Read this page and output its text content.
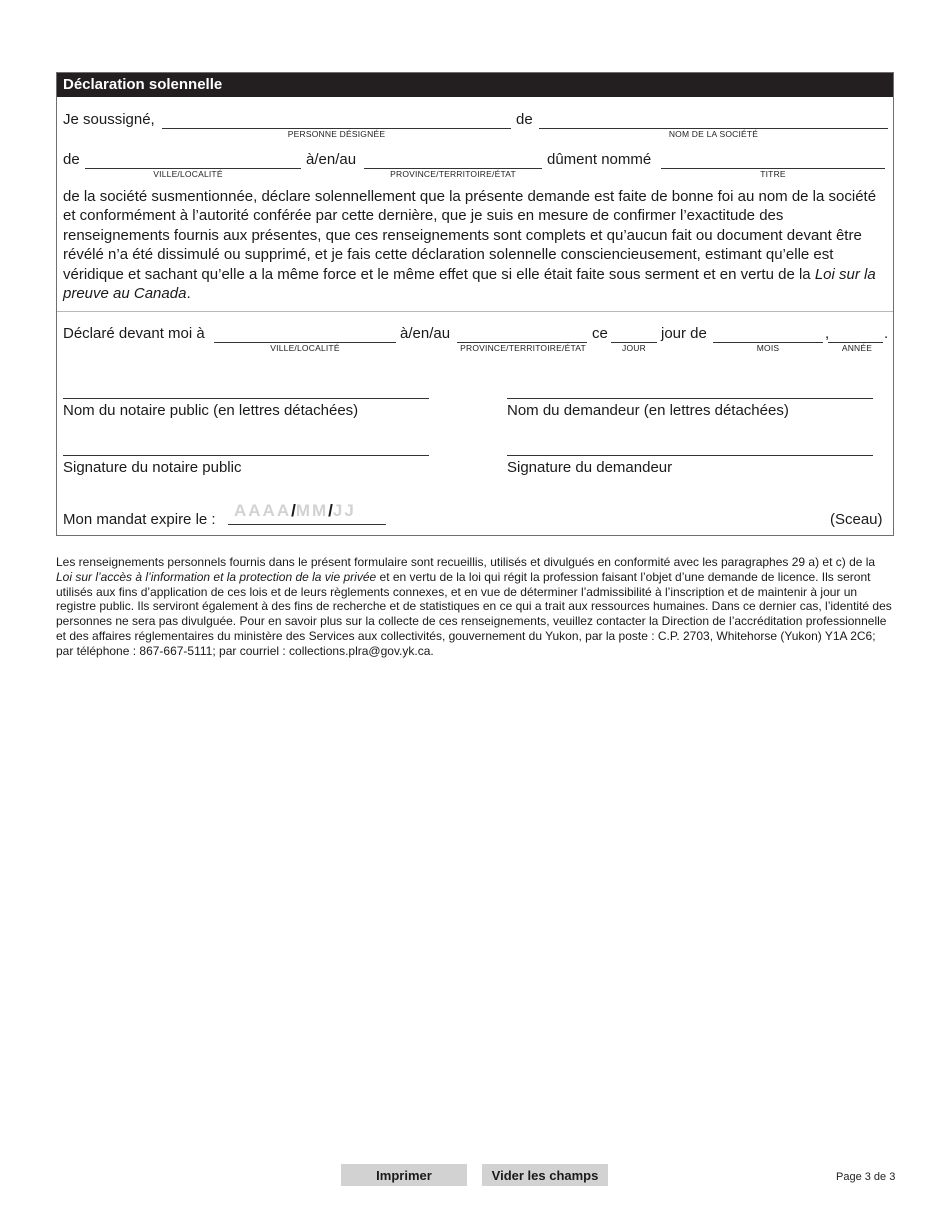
Déclaration solennelle
Je soussigné,
PERSONNE DÉSIGNÉE
de
NOM DE LA SOCIÉTÉ
de
VILLE/LOCALITÉ
à/en/au
PROVINCE/TERRITOIRE/ÉTAT
dûment nommé
TITRE
de la société susmentionnée, déclare solennellement que la présente demande est faite de bonne foi au nom de la société et conformément à l’autorité conférée par cette dernière, que je suis en mesure de confirmer l’exactitude des renseignements fournis aux présentes, que ces renseignements sont complets et qu’aucun fait ou document devant être révélé n’a été dissimulé ou supprimé, et je fais cette déclaration solennelle consciencieusement, estimant qu’elle est véridique et sachant qu’elle a la même force et le même effet que si elle était faite sous serment et en vertu de la Loi sur la preuve au Canada.
Déclaré devant moi à
VILLE/LOCALITÉ
à/en/au
PROVINCE/TERRITOIRE/ÉTAT
ce
JOUR
jour de
MOIS
,
ANNÉE
.
Nom du notaire public (en lettres détachées)	Nom du demandeur (en lettres détachées)
Signature du notaire public	Signature du demandeur
Mon mandat expire le : AAAA/MM/JJ	(Sceau)
Les renseignements personnels fournis dans le présent formulaire sont recueillis, utilisés et divulgués en conformité avec les paragraphes 29 a) et c) de la Loi sur l’accès à l’information et la protection de la vie privée et en vertu de la loi qui régit la profession faisant l’objet d’une demande de licence. Ils seront utilisés aux fins d’application de ces lois et de leurs règlements connexes, et en vue de déterminer l’admissibilité à l’inscription et de maintenir à jour un registre public. Ils serviront également à des fins de recherche et de statistiques en ce qui a trait aux ressources humaines. Dans ce dernier cas, l’identité des personnes ne sera pas divulguée. Pour en savoir plus sur la collecte de ces renseignements, veuillez contacter la Direction de l’accréditation professionnelle et des affaires réglementaires du ministère des Services aux collectivités, gouvernement du Yukon, par la poste : C.P. 2703, Whitehorse (Yukon) Y1A 2C6; par téléphone : 867-667-5111; par courriel : collections.plra@gov.yk.ca.
Imprimer	Vider les champs	Page 3 de 3
